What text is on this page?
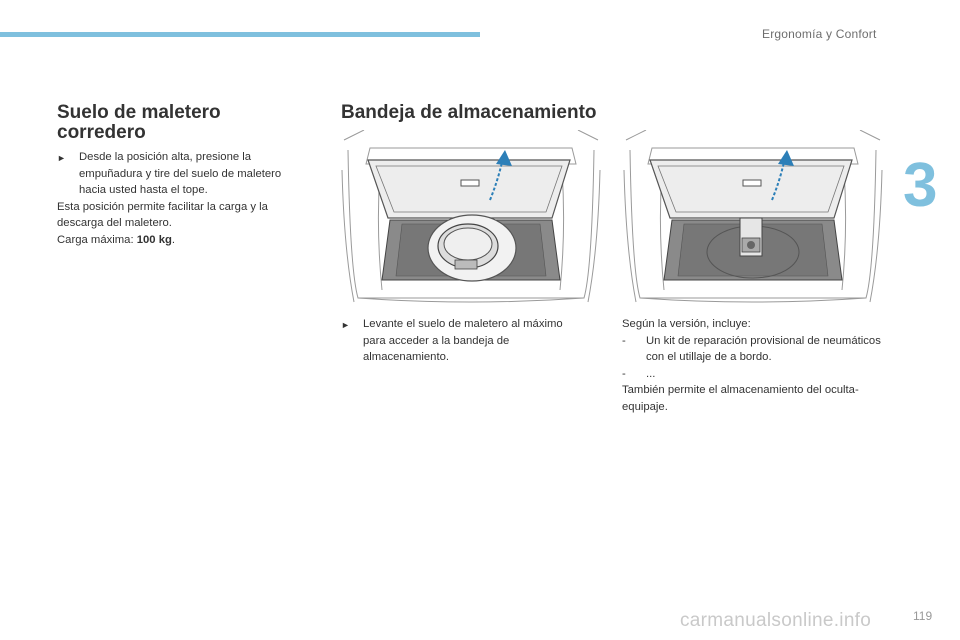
Ergonomía y Confort
3
Suelo de maletero corredero
►	Desde la posición alta, presione la empuñadura y tire del suelo de maletero hacia usted hasta el tope.
Esta posición permite facilitar la carga y la descarga del maletero.
Carga máxima: 100 kg.
Bandeja de almacenamiento
►	Levante el suelo de maletero al máximo para acceder a la bandeja de almacenamiento.
Según la versión, incluye:
-	Un kit de reparación provisional de neumáticos con el utillaje de a bordo.
-	...
También permite el almacenamiento del oculta-equipaje.
carmanualsonline.info	119
